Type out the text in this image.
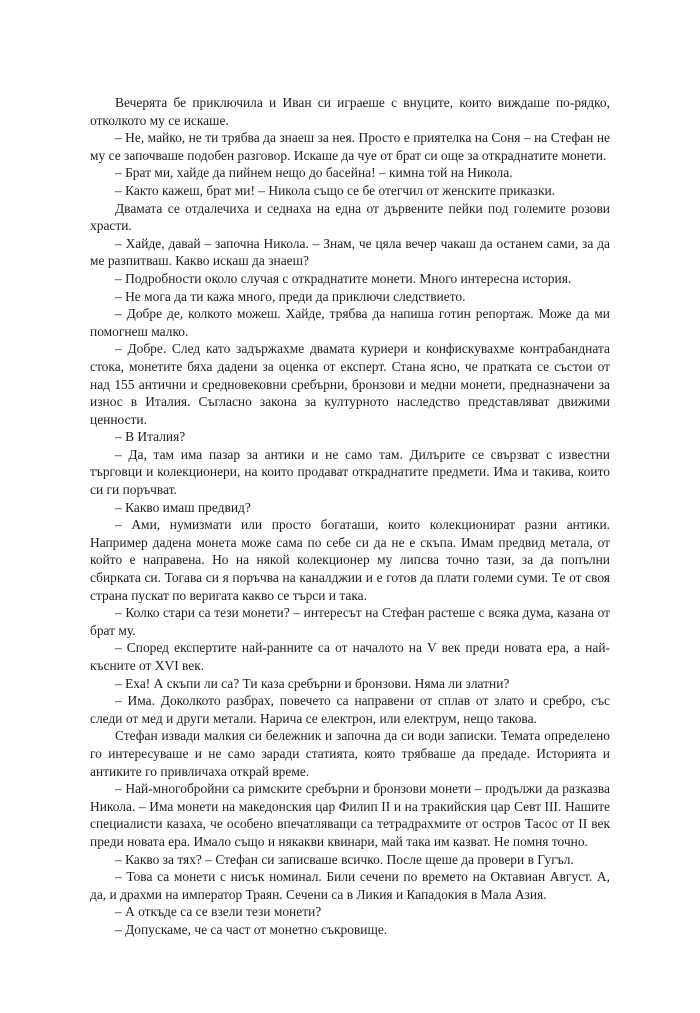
Вечерята бе приключила и Иван си играеше с внуците, които виждаше по-рядко, отколкото му се искаше.

– Не, майко, не ти трябва да знаеш за нея. Просто е приятелка на Соня – на Стефан не му се започваше подобен разговор. Искаше да чуе от брат си още за откраднатите монети.

– Брат ми, хайде да пийнем нещо до басейна! – кимна той на Никола.

– Както кажеш, брат ми! – Никола също се бе отегчил от женските приказки.

Двамата се отдалечиха и седнаха на една от дървените пейки под големите розови храсти.

– Хайде, давай – започна Никола. – Знам, че цяла вечер чакаш да останем сами, за да ме разпитваш. Какво искаш да знаеш?

– Подробности около случая с откраднатите монети. Много интересна история.

– Не мога да ти кажа много, преди да приключи следствието.

– Добре де, колкото можеш. Хайде, трябва да напиша готин репортаж. Може да ми помогнеш малко.

– Добре. След като задържахме двамата куриери и конфискувахме контрабандната стока, монетите бяха дадени за оценка от експерт. Стана ясно, че пратката се състои от над 155 антични и средновековни сребърни, бронзови и медни монети, предназначени за износ в Италия. Съгласно закона за културното наследство представляват движими ценности.

– В Италия?

– Да, там има пазар за антики и не само там. Дилърите се свързват с известни търговци и колекционери, на които продават откраднатите предмети. Има и такива, които си ги поръчват.

– Какво имаш предвид?

– Ами, нумизмати или просто богаташи, които колекционират разни антики. Например дадена монета може сама по себе си да не е скъпа. Имам предвид метала, от който е направена. Но на някой колекционер му липсва точно тази, за да попълни сбирката си. Тогава си я поръчва на каналджии и е готов да плати големи суми. Те от своя страна пускат по веригата какво се търси и така.

– Колко стари са тези монети? – интересът на Стефан растеше с всяка дума, казана от брат му.

– Според експертите най-ранните са от началото на V век преди новата ера, а най-късните от XVI век.

– Еха! А скъпи ли са? Ти каза сребърни и бронзови. Няма ли златни?

– Има. Доколкото разбрах, повечето са направени от сплав от злато и сребро, със следи от мед и други метали. Нарича се електрон, или електрум, нещо такова.

Стефан извади малкия си бележник и започна да си води записки. Темата определено го интересуваше и не само заради статията, която трябваше да предаде. Историята и антиките го привличаха открай време.

– Най-многобройни са римските сребърни и бронзови монети – продължи да разказва Никола. – Има монети на македонския цар Филип II и на тракийския цар Севт III. Нашите специалисти казаха, че особено впечатляващи са тетрадрахмите от остров Тасос от II век преди новата ера. Имало също и някакви квинари, май така им казват. Не помня точно.

– Какво за тях? – Стефан си записваше всичко. После щеше да провери в Гугъл.

– Това са монети с нисък номинал. Били сечени по времето на Октавиан Август. А, да, и драхми на император Траян. Сечени са в Ликия и Кападокия в Мала Азия.

– А откъде са се взели тези монети?

– Допускаме, че са част от монетно съкровище.
